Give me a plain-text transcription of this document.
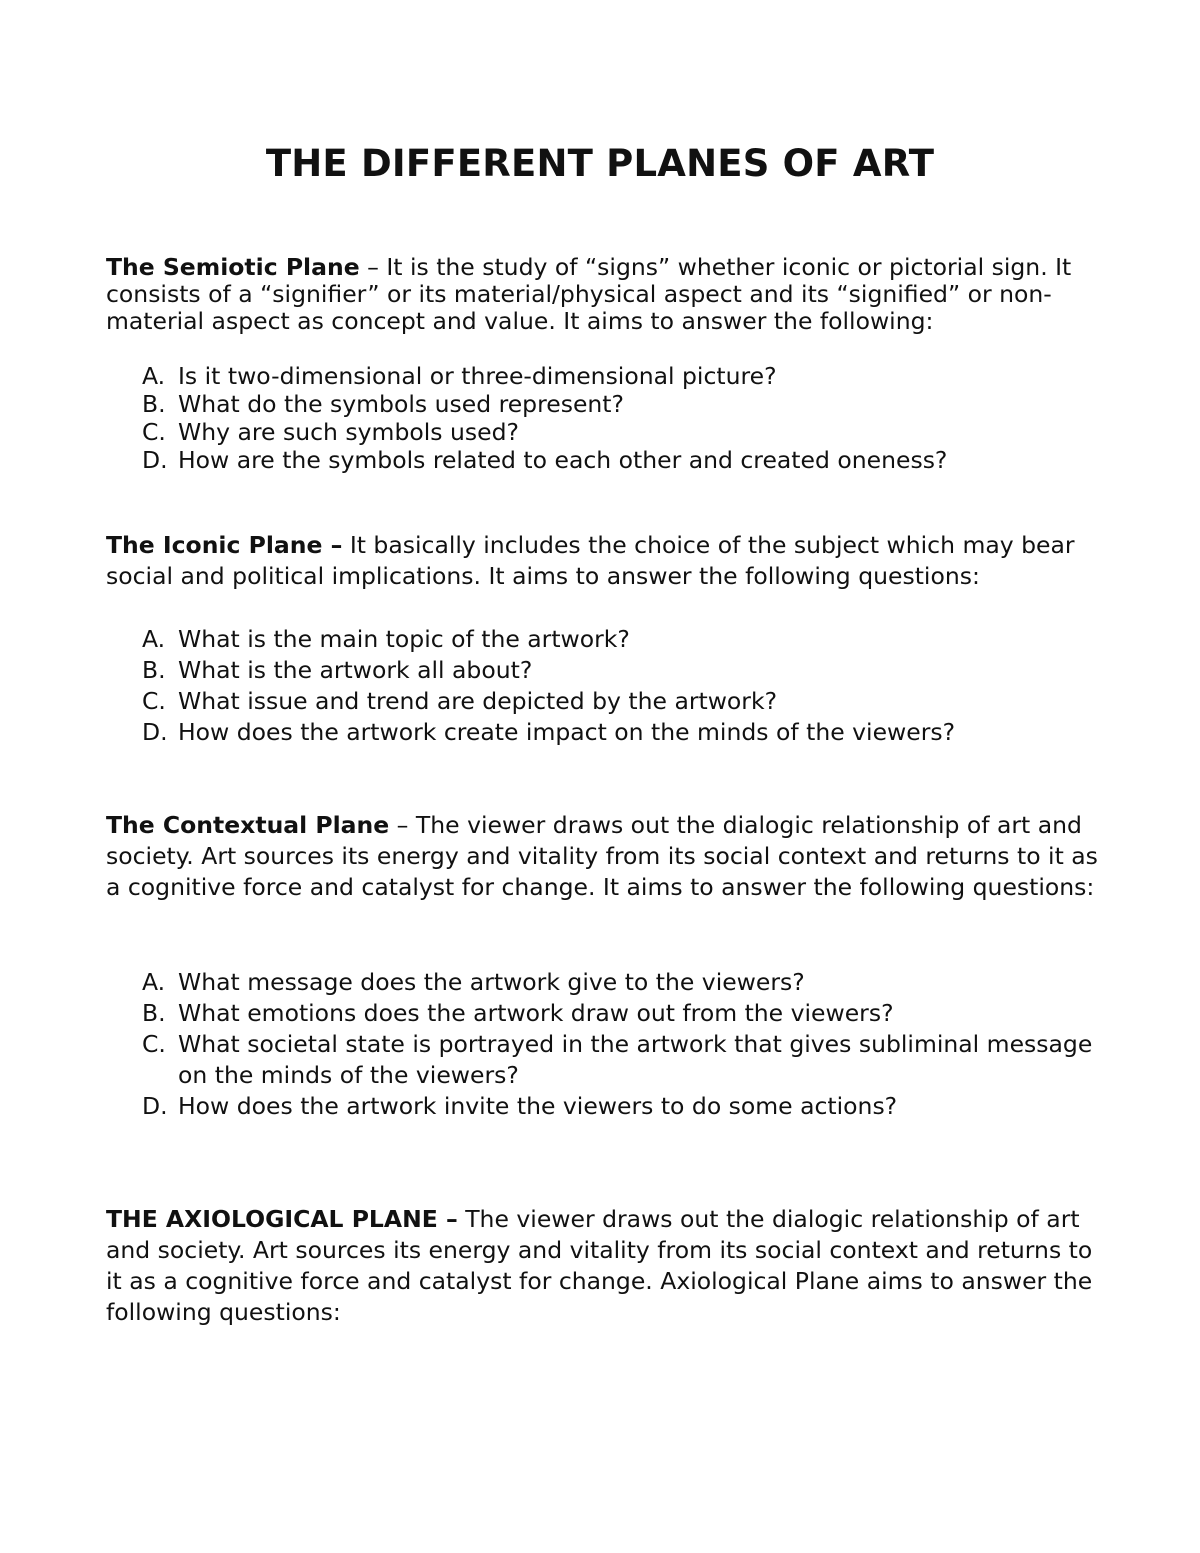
THE DIFFERENT PLANES OF ART

The Semiotic Plane – It is the study of “signs” whether iconic or pictorial sign. It consists of a “signifier” or its material/physical aspect and its “signified” or non-material aspect as concept and value. It aims to answer the following:

A. Is it two-dimensional or three-dimensional picture?
B. What do the symbols used represent?
C. Why are such symbols used?
D. How are the symbols related to each other and created oneness?

The Iconic Plane – It basically includes the choice of the subject which may bear social and political implications. It aims to answer the following questions:

A. What is the main topic of the artwork?
B. What is the artwork all about?
C. What issue and trend are depicted by the artwork?
D. How does the artwork create impact on the minds of the viewers?

The Contextual Plane – The viewer draws out the dialogic relationship of art and society. Art sources its energy and vitality from its social context and returns to it as a cognitive force and catalyst for change. It aims to answer the following questions:

A. What message does the artwork give to the viewers?
B. What emotions does the artwork draw out from the viewers?
C. What societal state is portrayed in the artwork that gives subliminal message on the minds of the viewers?
D. How does the artwork invite the viewers to do some actions?

THE AXIOLOGICAL PLANE – The viewer draws out the dialogic relationship of art and society. Art sources its energy and vitality from its social context and returns to it as a cognitive force and catalyst for change. Axiological Plane aims to answer the following questions:
